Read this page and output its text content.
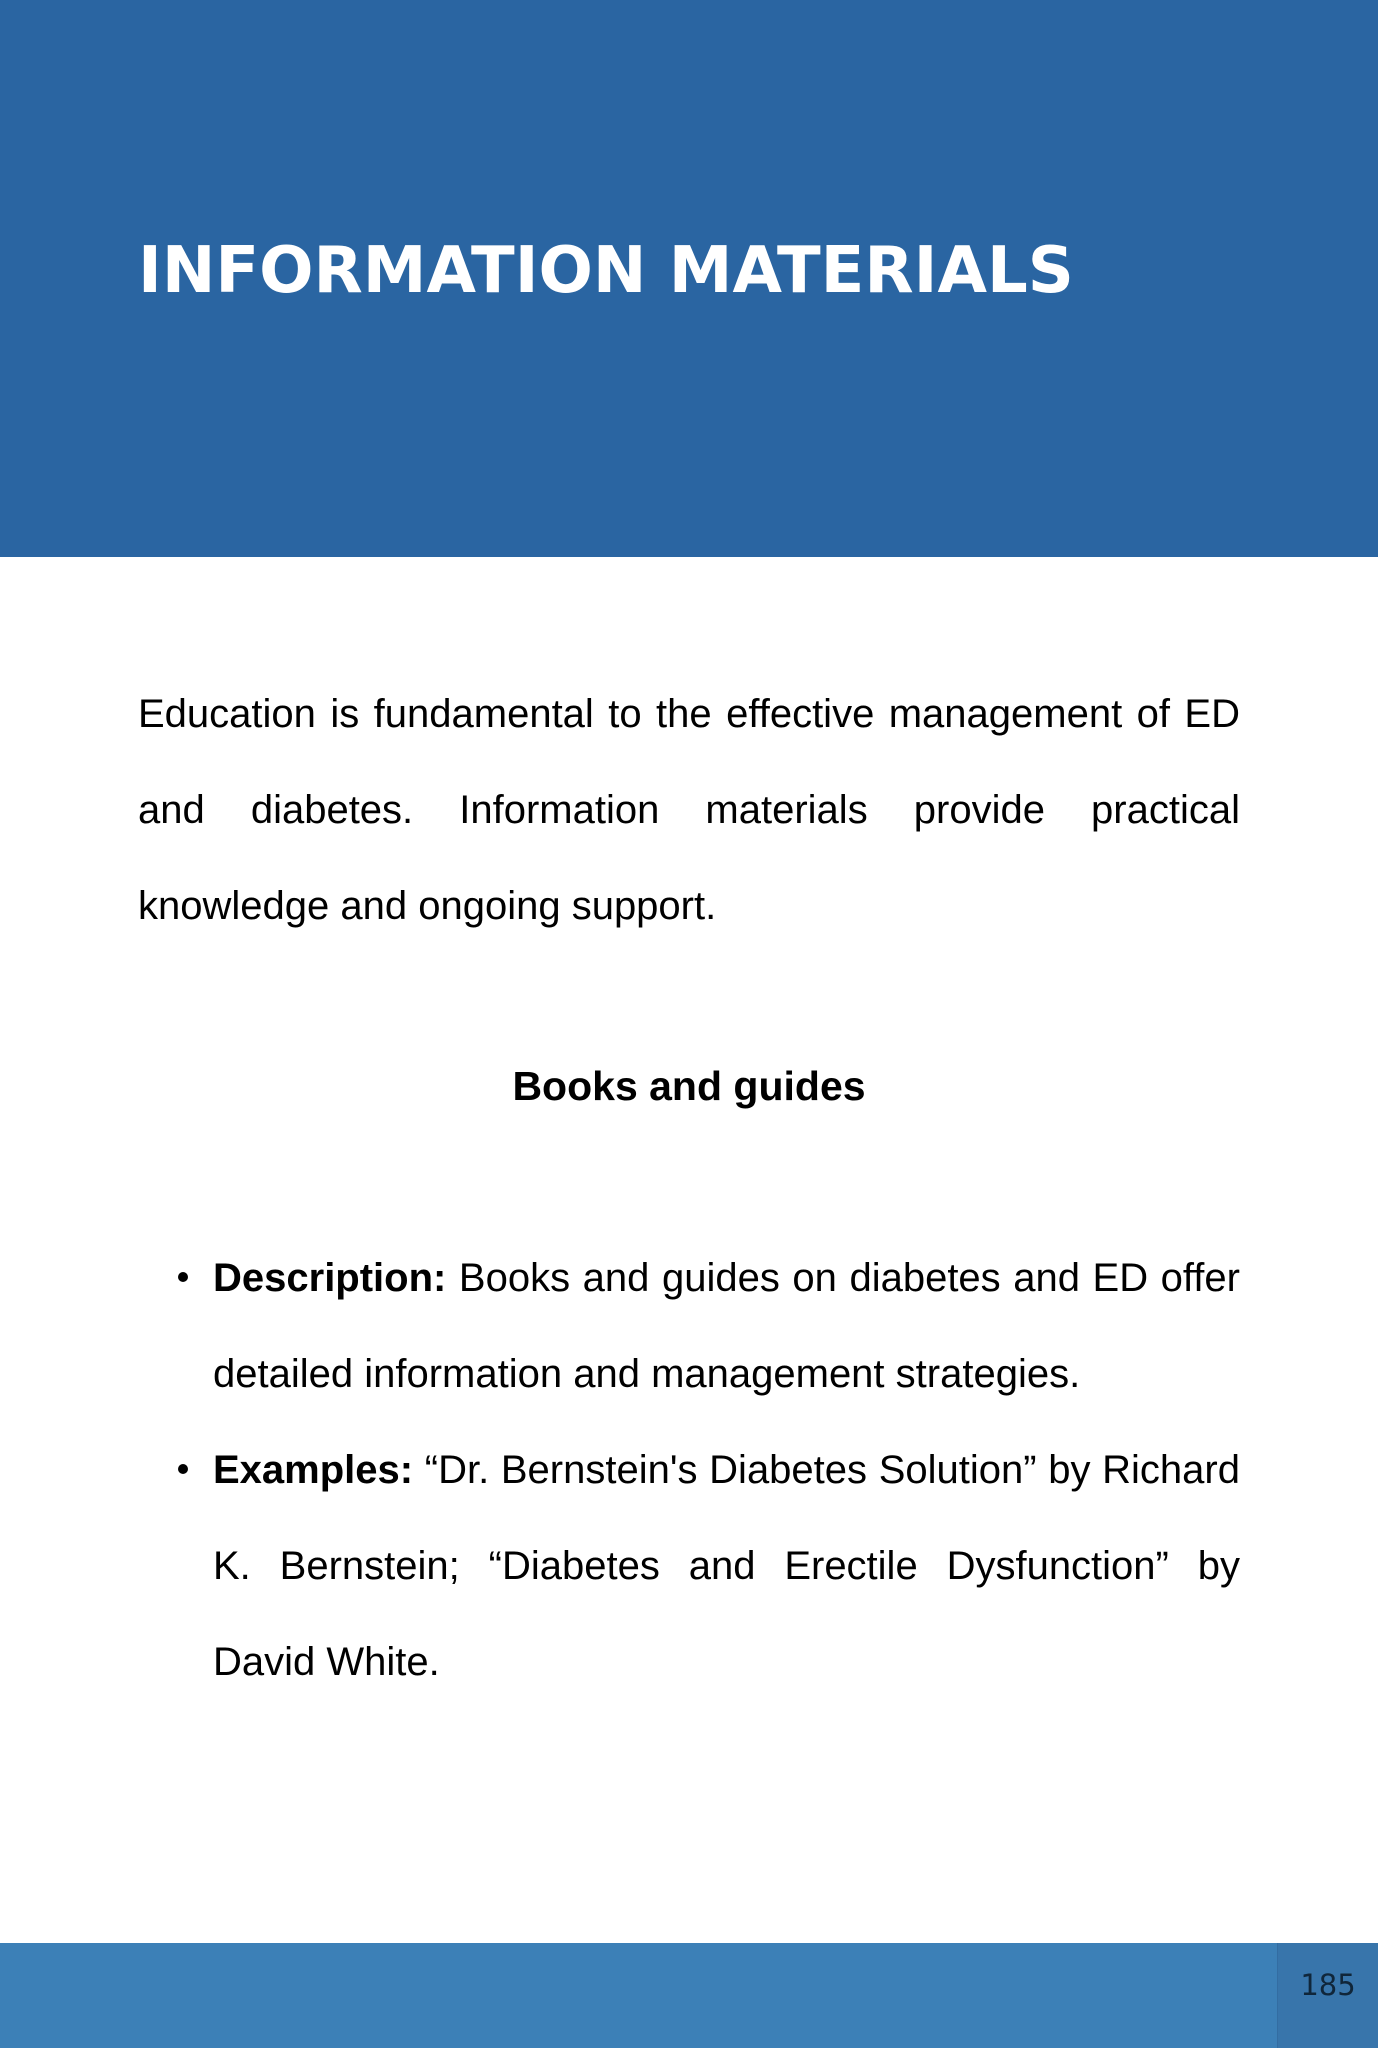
INFORMATION MATERIALS

Education is fundamental to the effective management of ED and diabetes. Information materials provide practical knowledge and ongoing support.

Books and guides
Description: Books and guides on diabetes and ED offer detailed information and management strategies.
Examples: “Dr. Bernstein's Diabetes Solution” by Richard K. Bernstein; “Diabetes and Erectile Dysfunction” by David White.
185
